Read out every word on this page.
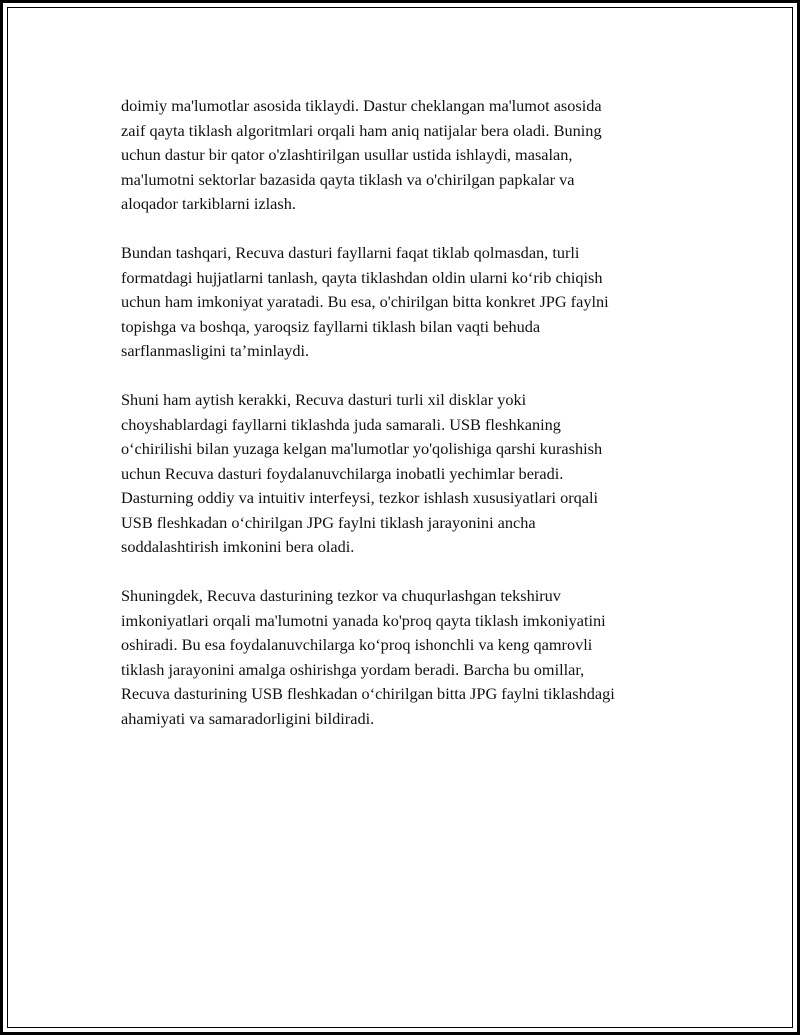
doimiy ma'lumotlar asosida tiklaydi. Dastur cheklangan ma'lumot asosida
zaif qayta tiklash algoritmlari orqali ham aniq natijalar bera oladi. Buning
uchun dastur bir qator o'zlashtirilgan usullar ustida ishlaydi, masalan,
ma'lumotni sektorlar bazasida qayta tiklash va o'chirilgan papkalar va
aloqador tarkiblarni izlash.

Bundan tashqari, Recuva dasturi fayllarni faqat tiklab qolmasdan, turli
formatdagi hujjatlarni tanlash, qayta tiklashdan oldin ularni ko‘rib chiqish
uchun ham imkoniyat yaratadi. Bu esa, o'chirilgan bitta konkret JPG faylni
topishga va boshqa, yaroqsiz fayllarni tiklash bilan vaqti behuda
sarflanmasligini ta’minlaydi.

Shuni ham aytish kerakki, Recuva dasturi turli xil disklar yoki
choyshablardagi fayllarni tiklashda juda samarali. USB fleshkaning
o‘chirilishi bilan yuzaga kelgan ma'lumotlar yo'qolishiga qarshi kurashish
uchun Recuva dasturi foydalanuvchilarga inobatli yechimlar beradi.
Dasturning oddiy va intuitiv interfeysi, tezkor ishlash xususiyatlari orqali
USB fleshkadan o‘chirilgan JPG faylni tiklash jarayonini ancha
soddalashtirish imkonini bera oladi.

Shuningdek, Recuva dasturining tezkor va chuqurlashgan tekshiruv
imkoniyatlari orqali ma'lumotni yanada ko'proq qayta tiklash imkoniyatini
oshiradi. Bu esa foydalanuvchilarga ko‘proq ishonchli va keng qamrovli
tiklash jarayonini amalga oshirishga yordam beradi. Barcha bu omillar,
Recuva dasturining USB fleshkadan o‘chirilgan bitta JPG faylni tiklashdagi
ahamiyati va samaradorligini bildiradi.
